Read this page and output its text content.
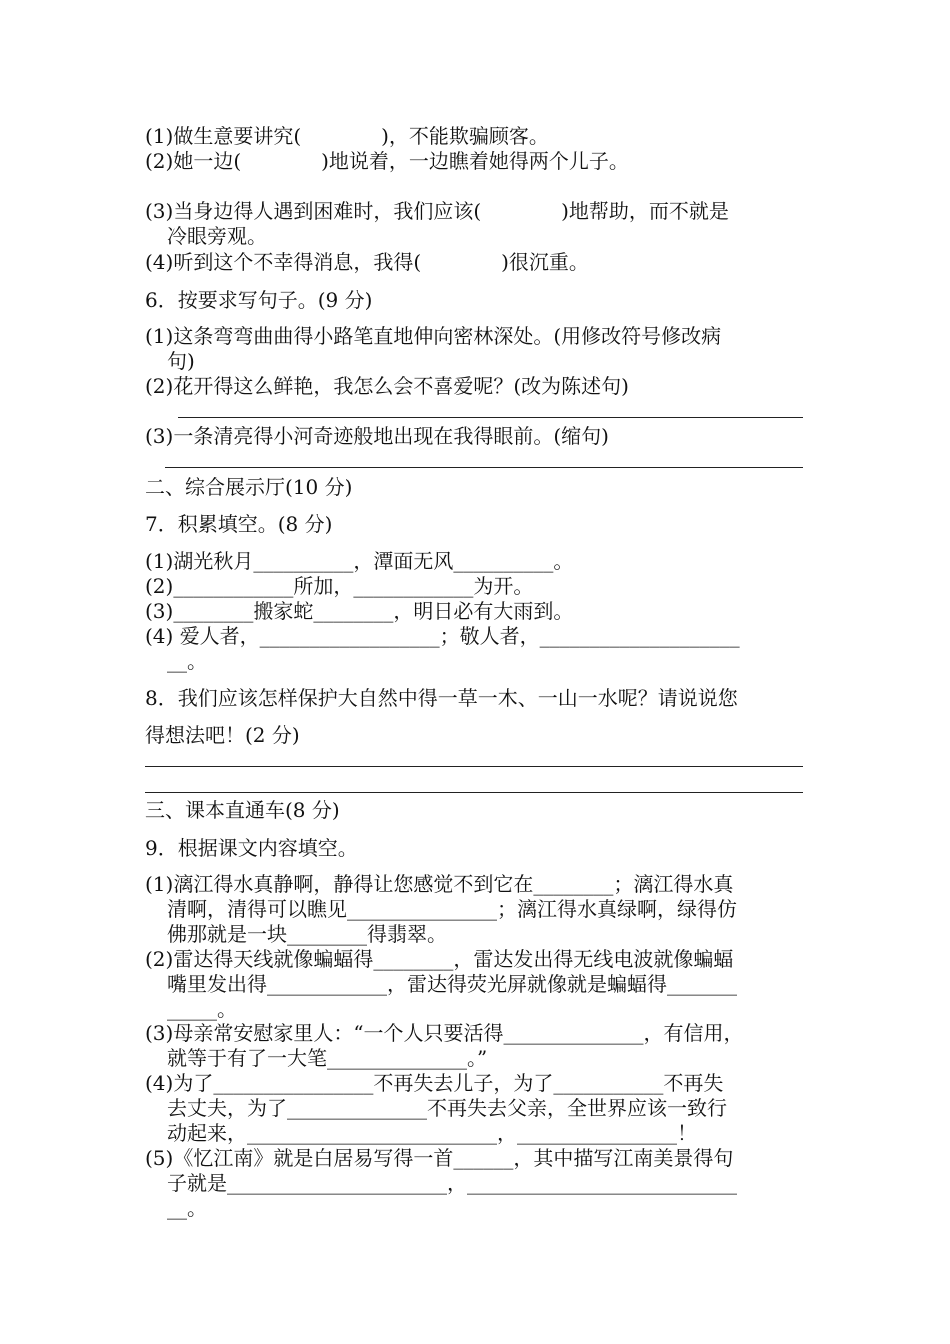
(1)做生意要讲究(　　　　)，不能欺骗顾客。
(2)她一边(　　　　)地说着，一边瞧着她得两个儿子。
(3)当身边得人遇到困难时，我们应该(　　　　)地帮助，而不就是
冷眼旁观。
(4)听到这个不幸得消息，我得(　　　　)很沉重。
6．按要求写句子。(9 分)
(1)这条弯弯曲曲得小路笔直地伸向密林深处。(用修改符号修改病
句)
(2)花开得这么鲜艳，我怎么会不喜爱呢？(改为陈述句)
(3)一条清亮得小河奇迹般地出现在我得眼前。(缩句)
二、综合展示厅(10 分)
7．积累填空。(8 分)
(1)湖光秋月__________，潭面无风__________。
(2)____________所加，____________为开。
(3)________搬家蛇________，明日必有大雨到。
(4) 爱人者，__________________；敬人者，____________________
__。
8．我们应该怎样保护大自然中得一草一木、一山一水呢？请说说您
得想法吧！(2 分)
三、课本直通车(8 分)
9．根据课文内容填空。
(1)漓江得水真静啊，静得让您感觉不到它在________；漓江得水真
清啊，清得可以瞧见_______________；漓江得水真绿啊，绿得仿
佛那就是一块________得翡翠。
(2)雷达得天线就像蝙蝠得________，雷达发出得无线电波就像蝙蝠
嘴里发出得____________，雷达得荧光屏就像就是蝙蝠得_______
_____。
(3)母亲常安慰家里人：“一个人只要活得______________，有信用，
就等于有了一大笔______________。”
(4)为了________________不再失去儿子，为了___________不再失
去丈夫，为了______________不再失去父亲，全世界应该一致行
动起来，_________________________，________________！
(5)《忆江南》就是白居易写得一首______，其中描写江南美景得句
子就是______________________，___________________________
__。
